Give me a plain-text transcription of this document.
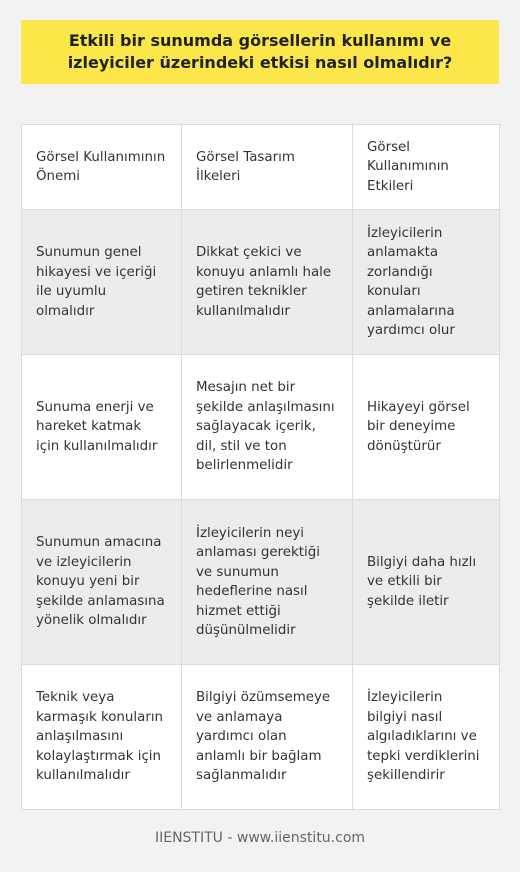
Etkili bir sunumda görsellerin kullanımı ve izleyiciler üzerindeki etkisi nasıl olmalıdır?
Görsel Kullanımının Önemi	Görsel Tasarım İlkeleri	Görsel Kullanımının Etkileri
Sunumun genel hikayesi ve içeriği ile uyumlu olmalıdır	Dikkat çekici ve konuyu anlamlı hale getiren teknikler kullanılmalıdır	İzleyicilerin anlamakta zorlandığı konuları anlamalarına yardımcı olur
Sunuma enerji ve hareket katmak için kullanılmalıdır	Mesajın net bir şekilde anlaşılmasını sağlayacak içerik, dil, stil ve ton belirlenmelidir	Hikayeyi görsel bir deneyime dönüştürür
Sunumun amacına ve izleyicilerin konuyu yeni bir şekilde anlamasına yönelik olmalıdır	İzleyicilerin neyi anlaması gerektiği ve sunumun hedeflerine nasıl hizmet ettiği düşünülmelidir	Bilgiyi daha hızlı ve etkili bir şekilde iletir
Teknik veya karmaşık konuların anlaşılmasını kolaylaştırmak için kullanılmalıdır	Bilgiyi özümsemeye ve anlamaya yardımcı olan anlamlı bir bağlam sağlanmalıdır	İzleyicilerin bilgiyi nasıl algıladıklarını ve tepki verdiklerini şekillendirir
IIENSTITU - www.iienstitu.com
